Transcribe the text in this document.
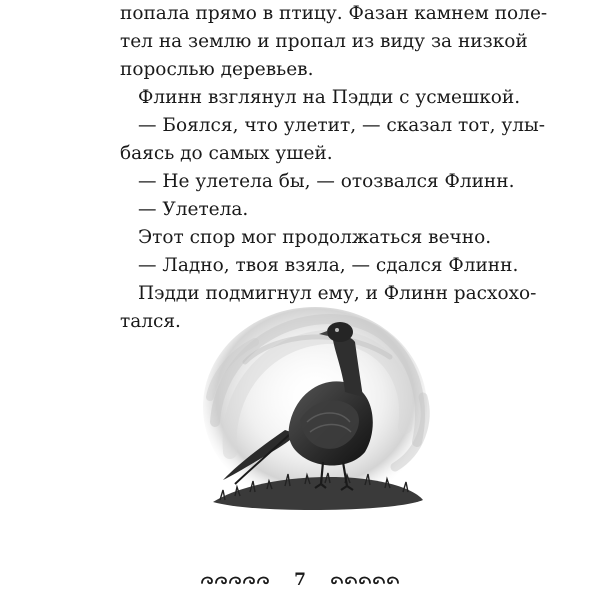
попала прямо в птицу. Фазан камнем поле-
тел на землю и пропал из виду за низкой
порослью деревьев.
Флинн взглянул на Пэдди с усмешкой.
— Боялся, что улетит, — сказал тот, улы-
баясь до самых ушей.
— Не улетела бы, — отозвался Флинн.
— Улетела.
Этот спор мог продолжаться вечно.
— Ладно, твоя взяла, — сдался Флинн.
Пэдди подмигнул ему, и Флинн расхохо-
тался.
7
